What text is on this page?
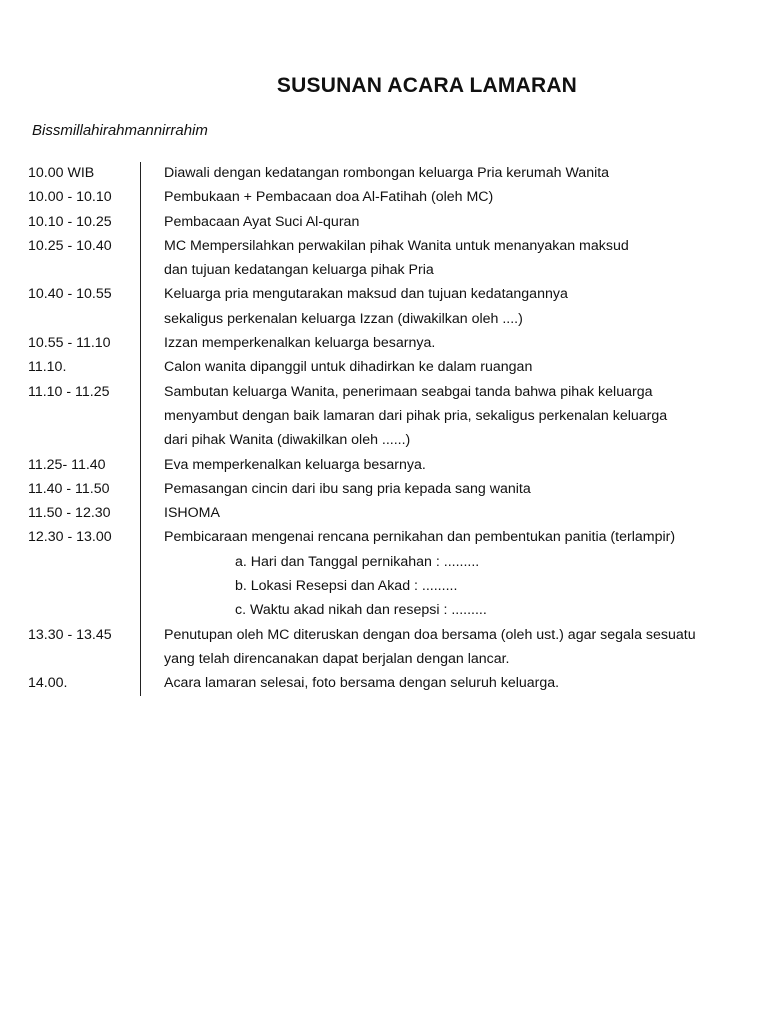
SUSUNAN ACARA LAMARAN
Bissmillahirahmannirrahim
10.00 WIB	Diawali dengan kedatangan rombongan keluarga Pria kerumah Wanita
10.00 - 10.10	Pembukaan + Pembacaan doa Al-Fatihah (oleh MC)
10.10 - 10.25	Pembacaan Ayat Suci Al-quran
10.25 - 10.40	MC Mempersilahkan perwakilan pihak Wanita untuk menanyakan maksud
dan tujuan kedatangan keluarga pihak Pria
10.40 - 10.55	Keluarga pria mengutarakan maksud dan tujuan kedatangannya
sekaligus perkenalan keluarga Izzan (diwakilkan oleh ....)
10.55 - 11.10	Izzan memperkenalkan keluarga besarnya.
11.10.	Calon wanita dipanggil untuk dihadirkan ke dalam ruangan
11.10 - 11.25	Sambutan keluarga Wanita, penerimaan seabgai tanda bahwa pihak keluarga
menyambut dengan baik lamaran dari pihak pria, sekaligus perkenalan keluarga
dari pihak Wanita (diwakilkan oleh ......)
11.25- 11.40	Eva memperkenalkan keluarga besarnya.
11.40 - 11.50	Pemasangan cincin dari ibu sang pria kepada sang wanita
11.50 - 12.30	ISHOMA
12.30 - 13.00	Pembicaraan mengenai rencana pernikahan dan pembentukan panitia (terlampir)
a. Hari dan Tanggal pernikahan : .........
b. Lokasi Resepsi dan Akad : .........
c. Waktu akad nikah dan resepsi : .........
13.30 - 13.45	Penutupan oleh MC diteruskan dengan doa bersama (oleh ust.) agar segala sesuatu
yang telah direncanakan dapat berjalan dengan lancar.
14.00.	Acara lamaran selesai, foto bersama dengan seluruh keluarga.
